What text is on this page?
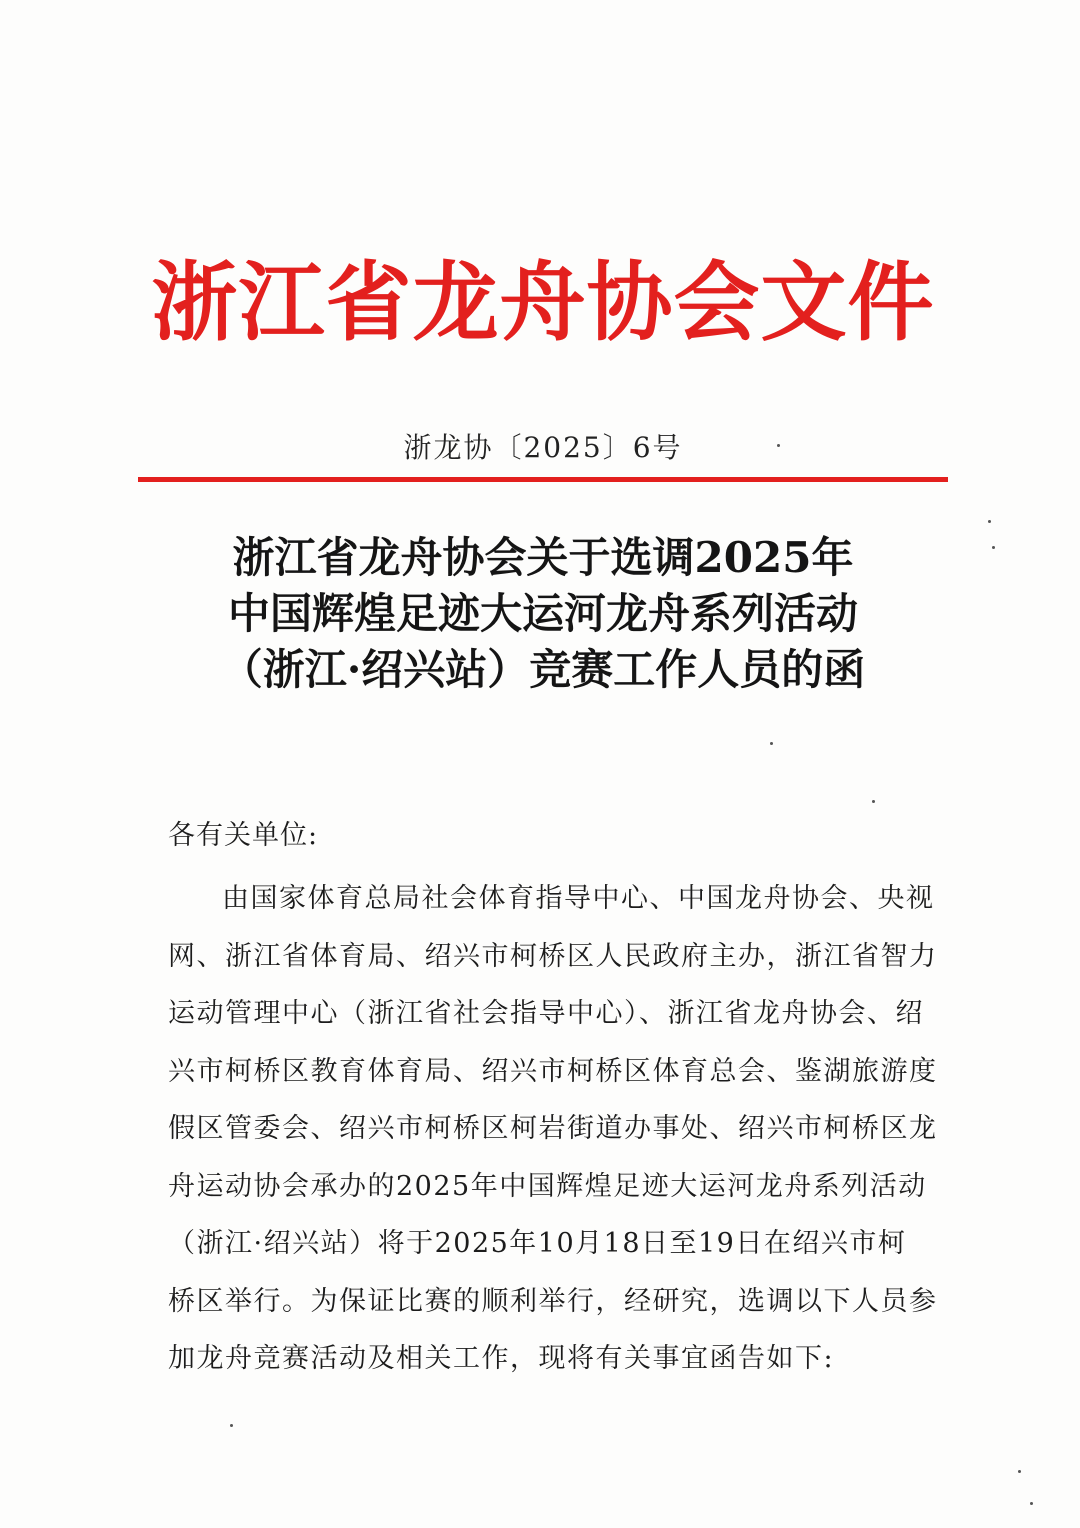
浙江省龙舟协会文件
浙龙协〔2025〕6号
浙江省龙舟协会关于选调2025年
中国辉煌足迹大运河龙舟系列活动
（浙江·绍兴站）竞赛工作人员的函
各有关单位:
由国家体育总局社会体育指导中心、中国龙舟协会、央视
网、浙江省体育局、绍兴市柯桥区人民政府主办，浙江省智力
运动管理中心（浙江省社会指导中心）、浙江省龙舟协会、绍
兴市柯桥区教育体育局、绍兴市柯桥区体育总会、鉴湖旅游度
假区管委会、绍兴市柯桥区柯岩街道办事处、绍兴市柯桥区龙
舟运动协会承办的2025年中国辉煌足迹大运河龙舟系列活动
（浙江·绍兴站）将于2025年10月18日至19日在绍兴市柯
桥区举行。为保证比赛的顺利举行，经研究，选调以下人员参
加龙舟竞赛活动及相关工作，现将有关事宜函告如下:
